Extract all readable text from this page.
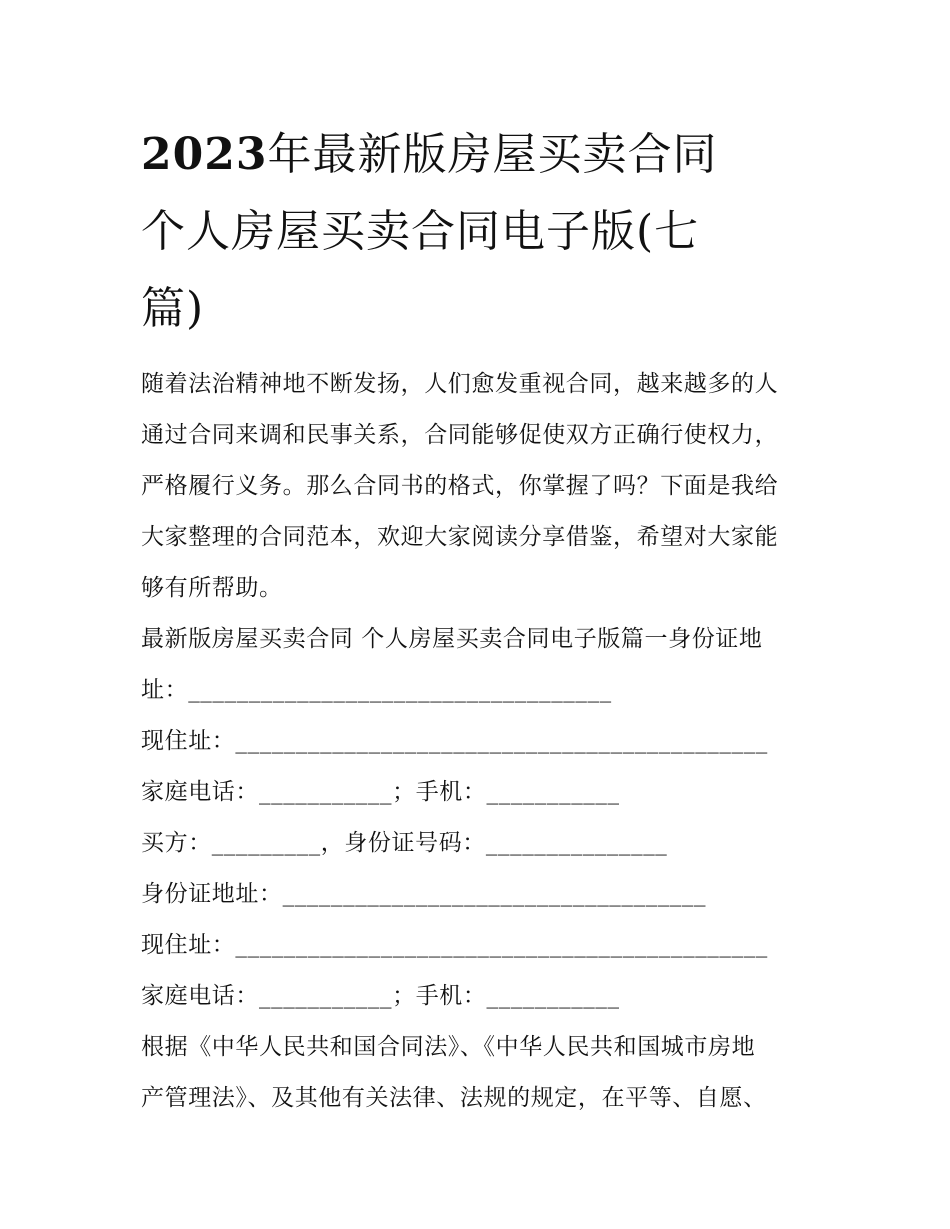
2023年最新版房屋买卖合同
个人房屋买卖合同电子版(七
篇)

随着法治精神地不断发扬，人们愈发重视合同，越来越多的人
通过合同来调和民事关系，合同能够促使双方正确行使权力，
严格履行义务。那么合同书的格式，你掌握了吗？下面是我给
大家整理的合同范本，欢迎大家阅读分享借鉴，希望对大家能
够有所帮助。

最新版房屋买卖合同 个人房屋买卖合同电子版篇一身份证地
址：___________________________________

现住址：____________________________________________
家庭电话：___________；手机：___________
买方：_________，身份证号码：_______________
身份证地址：___________________________________
现住址：____________________________________________
家庭电话：___________；手机：___________

根据《中华人民共和国合同法》、《中华人民共和国城市房地
产管理法》、及其他有关法律、法规的规定，在平等、自愿、
